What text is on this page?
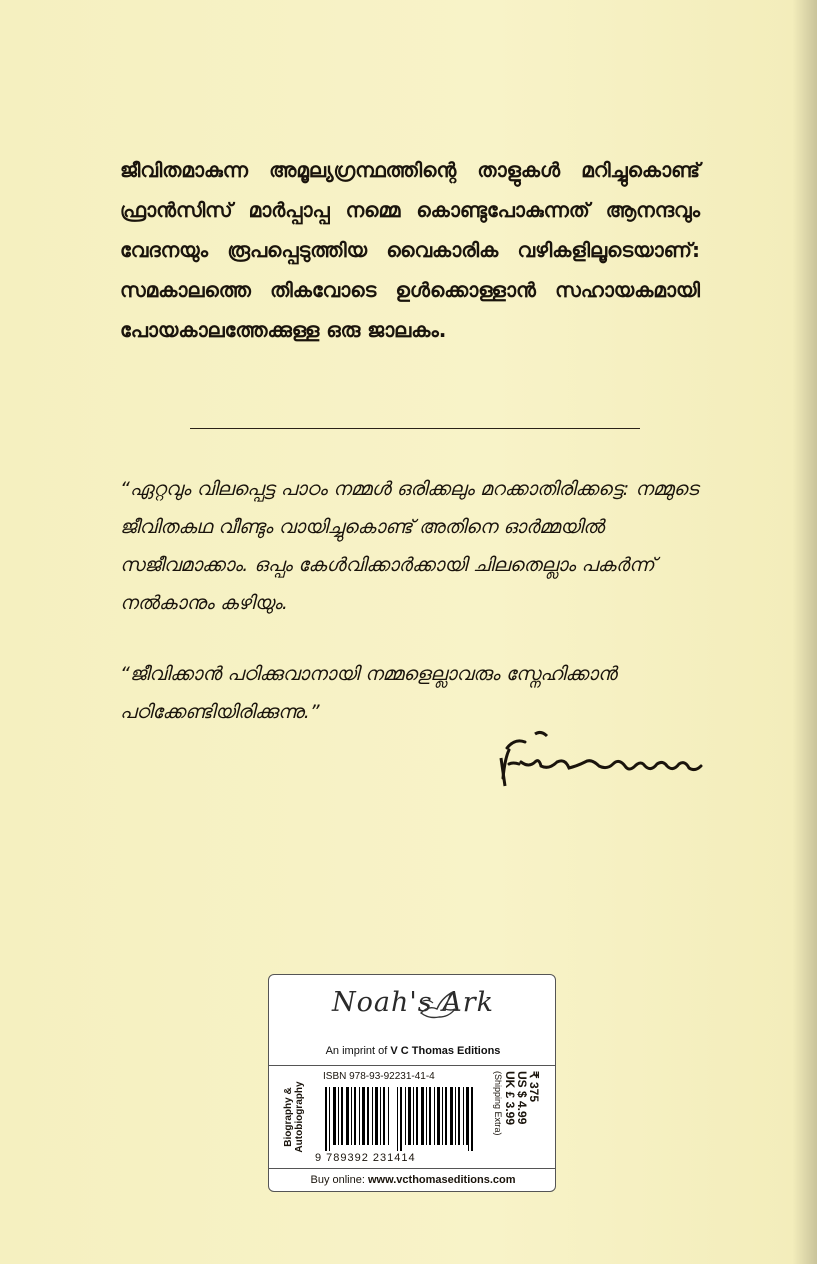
ജീവിതമാകുന്ന അമൂല്യഗ്രന്ഥത്തിന്റെ താളുകൾ മറിച്ചുകൊണ്ട് ഫ്രാൻസിസ് മാർപ്പാപ്പ നമ്മെ കൊണ്ടുപോകുന്നത് ആനന്ദവും വേദനയും രൂപപ്പെടുത്തിയ വൈകാരിക വഴികളിലൂടെയാണ്: സമകാലത്തെ തികവോടെ ഉൾക്കൊള്ളാൻ സഹായകമായി പോയകാലത്തേക്കുള്ള ഒരു ജാലകം.

“ഏറ്റവും വിലപ്പെട്ട പാഠം നമ്മൾ ഒരിക്കലും മറക്കാതിരിക്കട്ടെ: നമ്മുടെ ജീവിതകഥ വീണ്ടും വായിച്ചുകൊണ്ട് അതിനെ ഓർമ്മയിൽ സജീവമാക്കാം. ഒപ്പം കേൾവിക്കാർക്കായി ചിലതെല്ലാം പകർന്ന് നൽകാനും കഴിയും.

“ജീവിക്കാൻ പഠിക്കുവാനായി നമ്മളെല്ലാവരും സ്നേഹിക്കാൻ പഠിക്കേണ്ടിയിരിക്കുന്നു.”

Noah's Ark
An imprint of V C Thomas Editions
Biography & Autobiography
ISBN 978-93-92231-41-4
9 789392 231414
₹ 375
US $ 4.99
UK £ 3.99
(Shipping Extra)
Buy online: www.vcthomaseditions.com
